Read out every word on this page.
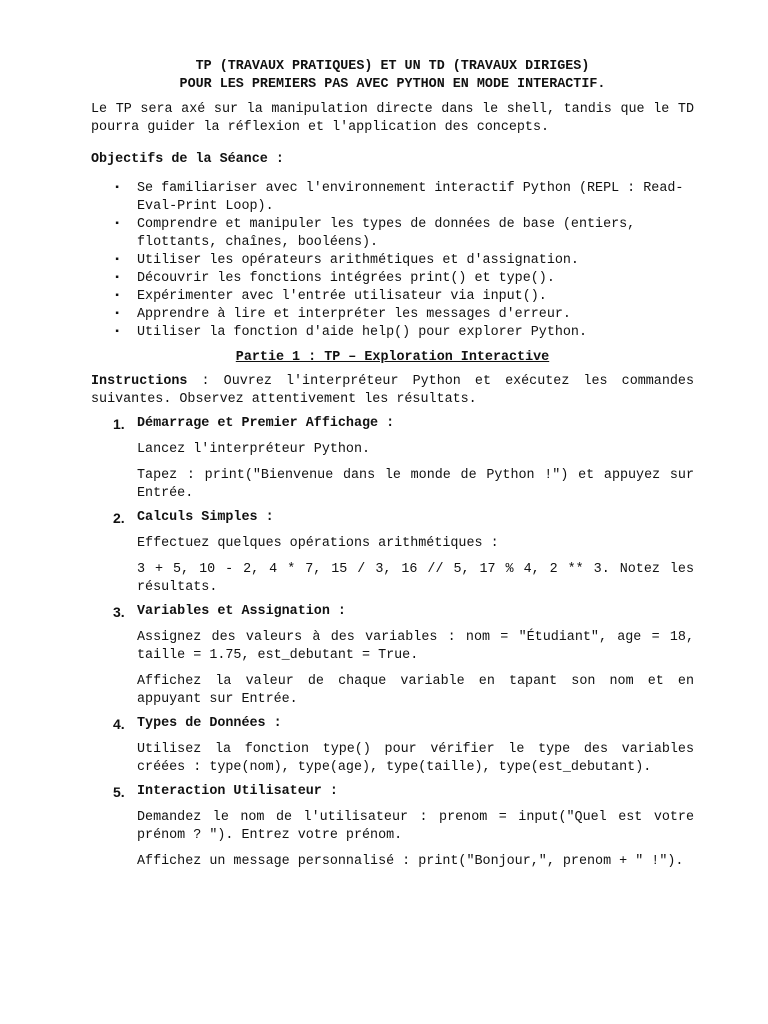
TP (TRAVAUX PRATIQUES) ET UN TD (TRAVAUX DIRIGES)

POUR LES PREMIERS PAS AVEC PYTHON EN MODE INTERACTIF.

Le TP sera axé sur la manipulation directe dans le shell, tandis que le TD pourra guider la réflexion et l'application des concepts.

Objectifs de la Séance :

▪ Se familiariser avec l'environnement interactif Python (REPL : Read-Eval-Print Loop).
▪ Comprendre et manipuler les types de données de base (entiers, flottants, chaînes, booléens).
▪ Utiliser les opérateurs arithmétiques et d'assignation.
▪ Découvrir les fonctions intégrées print() et type().
▪ Expérimenter avec l'entrée utilisateur via input().
▪ Apprendre à lire et interpréter les messages d'erreur.
▪ Utiliser la fonction d'aide help() pour explorer Python.

Partie 1 : TP – Exploration Interactive

Instructions : Ouvrez l'interpréteur Python et exécutez les commandes suivantes. Observez attentivement les résultats.

1. Démarrage et Premier Affichage :

Lancez l'interpréteur Python.

Tapez : print("Bienvenue dans le monde de Python !") et appuyez sur Entrée.

2. Calculs Simples :

Effectuez quelques opérations arithmétiques :

3 + 5, 10 - 2, 4 * 7, 15 / 3, 16 // 5, 17 % 4, 2 ** 3. Notez les résultats.

3. Variables et Assignation :

Assignez des valeurs à des variables : nom = "Étudiant", age = 18, taille = 1.75, est_debutant = True.

Affichez la valeur de chaque variable en tapant son nom et en appuyant sur Entrée.

4. Types de Données :

Utilisez la fonction type() pour vérifier le type des variables créées : type(nom), type(age), type(taille), type(est_debutant).

5. Interaction Utilisateur :

Demandez le nom de l'utilisateur : prenom = input("Quel est votre prénom ? "). Entrez votre prénom.

Affichez un message personnalisé : print("Bonjour,", prenom + " !").
